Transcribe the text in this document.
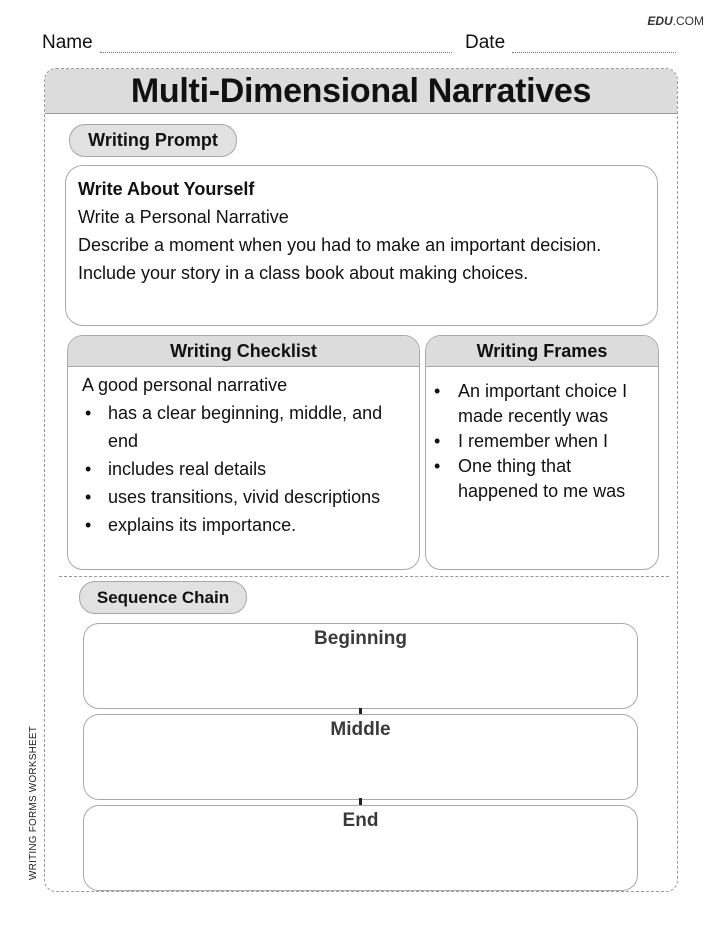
EDU.COM
Name	Date
WRITING FORMS WORKSHEET
Multi-Dimensional Narratives
Writing Prompt
Write About Yourself
Write a Personal Narrative
Describe a moment when you had to make an important decision. Include your story in a class book about making choices.
Writing Checklist
A good personal narrative
• has a clear beginning, middle, and end
• includes real details
• uses transitions, vivid descriptions
• explains its importance.
Writing Frames
• An important choice I made recently was
• I remember when I
• One thing that happened to me was
Sequence Chain
Beginning
Middle
End
